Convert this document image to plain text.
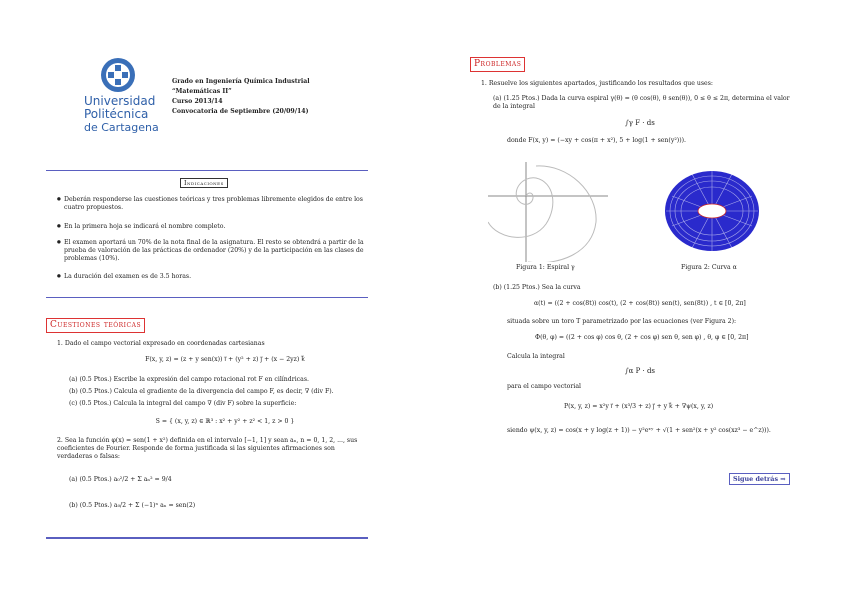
Universidad
Politécnica
de Cartagena
Grado en Ingeniería Química Industrial
“Matemáticas II”
Curso 2013/14
Convocatoria de Septiembre (20/09/14)
Indicaciones
● Deberán responderse las cuestiones teóricas y tres problemas libremente elegidos de entre los cuatro propuestos.
● En la primera hoja se indicará el nombre completo.
● El examen aportará un 70% de la nota final de la asignatura. El resto se obtendrá a partir de la prueba de valoración de las prácticas de ordenador (20%) y de la participación en las clases de problemas (10%).
● La duración del examen es de 3.5 horas.
Cuestiones teóricas
1. Dado el campo vectorial expresado en coordenadas cartesianas
F(x, y, z) = (z + y sen(x)) ı⃗ + (y² + z) ȷ⃗ + (x − 2yz) k⃗
(a) (0.5 Ptos.) Escribe la expresión del campo rotacional rot F en cilíndricas.
(b) (0.5 Ptos.) Calcula el gradiente de la divergencia del campo F, es decir, ∇ (div F).
(c) (0.5 Ptos.) Calcula la integral del campo ∇ (div F) sobre la superficie:
S = { (x, y, z) ∈ ℝ³ : x² + y² + z² < 1, z > 0 }
2. Sea la función φ(x) = sen(1 + x²) definida en el intervalo [−1, 1] y sean aₙ, n = 0, 1, 2, ..., sus coeficientes de Fourier. Responde de forma justificada si las siguientes afirmaciones son verdaderas o falsas:
(a) (0.5 Ptos.) a₀²/2 + Σ aₙ² = 9/4
(b) (0.5 Ptos.) a₀/2 + Σ (−1)ⁿ aₙ = sen(2)
Problemas
1. Resuelve los siguientes apartados, justificando los resultados que uses:
(a) (1.25 Ptos.) Dada la curva espiral γ(θ) = (θ cos(θ), θ sen(θ)), 0 ≤ θ ≤ 2π, determina el valor de la integral
∫γ F · ds
donde F(x, y) = (−xy + cos(π + x²), 5 + log(1 + sen(y²))).
Figura 1: Espiral γ	Figura 2: Curva α
(b) (1.25 Ptos.) Sea la curva
α(t) = ((2 + cos(8t)) cos(t), (2 + cos(8t)) sen(t), sen(8t)) , t ∈ [0, 2π]
situada sobre un toro T parametrizado por las ecuaciones (ver Figura 2):
Φ(θ, φ) = ((2 + cos φ) cos θ, (2 + cos φ) sen θ, sen φ) , θ, φ ∈ [0, 2π]
Calcula la integral
∫α P · ds
para el campo vectorial
P(x, y, z) = x²y ı⃗ + (x³/3 + z) ȷ⃗ + y k⃗ + ∇ψ(x, y, z)
siendo ψ(x, y, z) = cos(x + y log(z + 1)) − y²eˣʸ + √(1 + sen²(x + y² cos(xz³ − e^z))).
Sigue detrás ⇒
